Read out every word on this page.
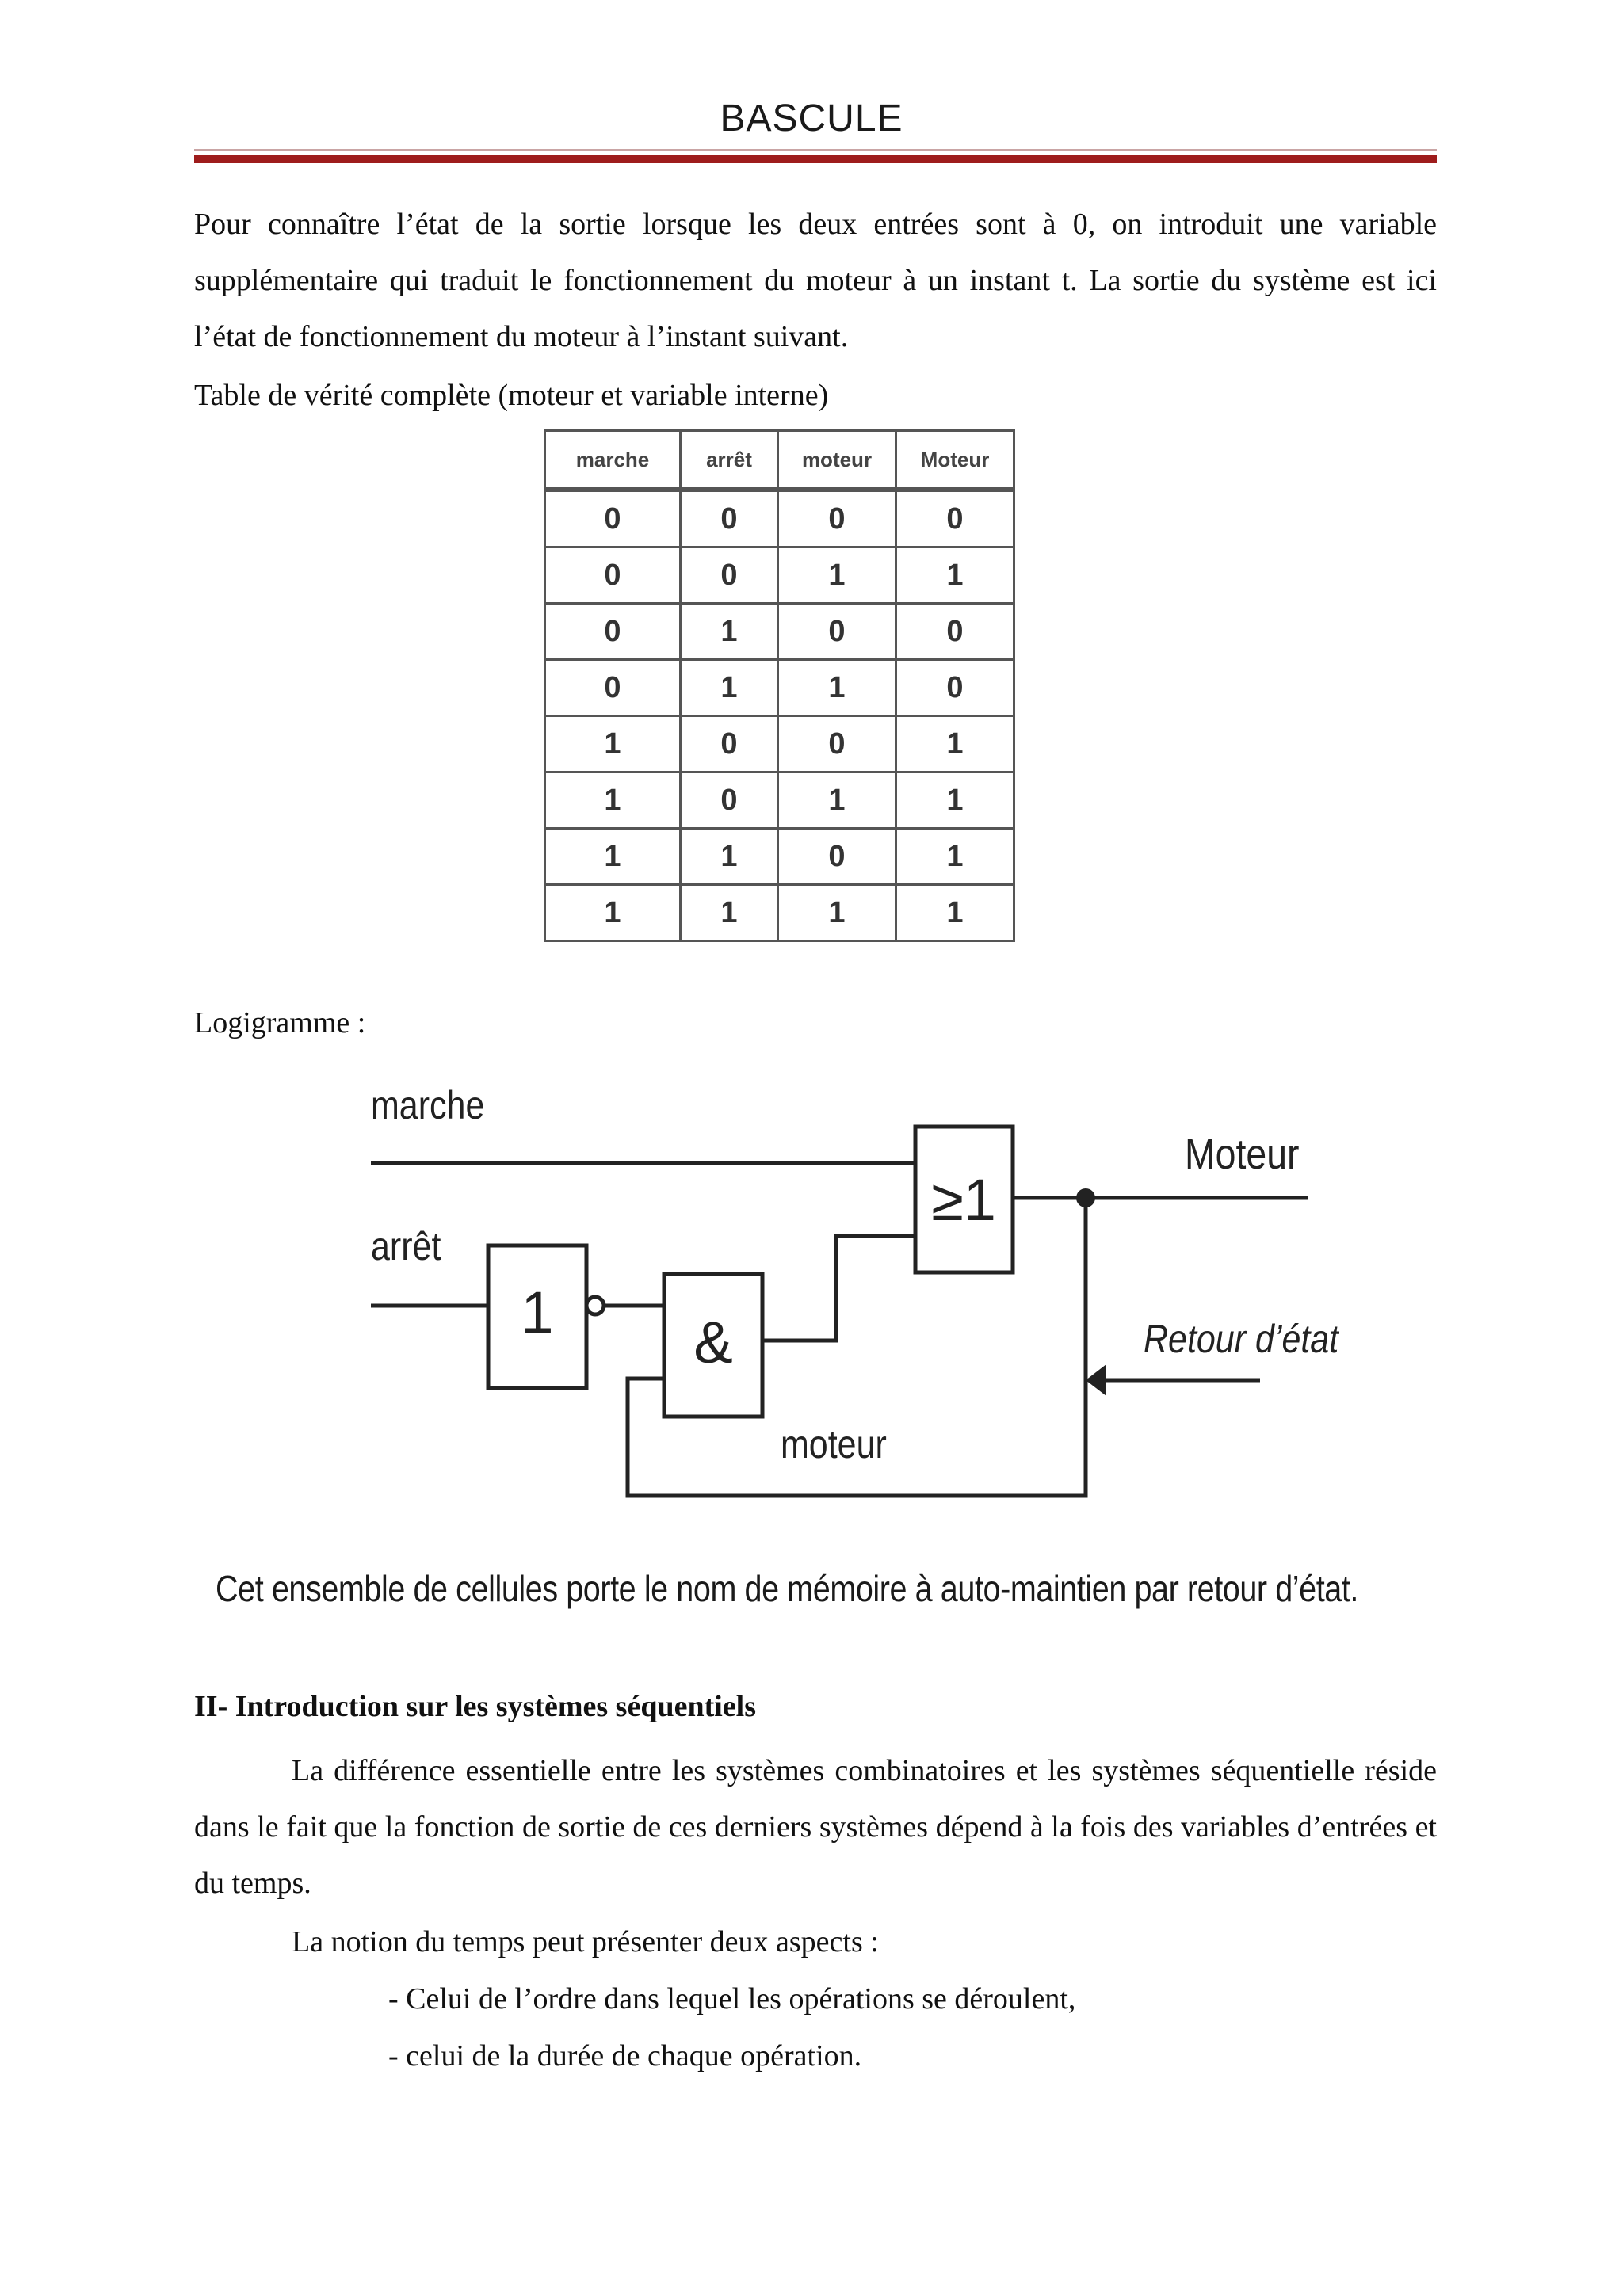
BASCULE
Pour connaître l’état de la sortie lorsque les deux entrées sont à 0, on introduit une variable supplémentaire qui traduit le fonctionnement du moteur à un instant t. La sortie du système est ici l’état de fonctionnement du moteur à l’instant suivant.
Table de vérité complète (moteur et variable interne)
marche	arrêt	moteur	Moteur
0	0	0	0
0	0	1	1
0	1	0	0
0	1	1	0
1	0	0	1
1	0	1	1
1	1	0	1
1	1	1	1
Logigramme :
marche
arrêt
1 &
≥1
Moteur
Retour d’état
moteur
Cet ensemble de cellules porte le nom de mémoire à auto-maintien par retour d’état.
II- Introduction sur les systèmes séquentiels
La différence essentielle entre les systèmes combinatoires et les systèmes séquentielle réside dans le fait que la fonction de sortie de ces derniers systèmes dépend à la fois des variables d’entrées et du temps.
La notion du temps peut présenter deux aspects :
- Celui de l’ordre dans lequel les opérations se déroulent,
- celui de la durée de chaque opération.
